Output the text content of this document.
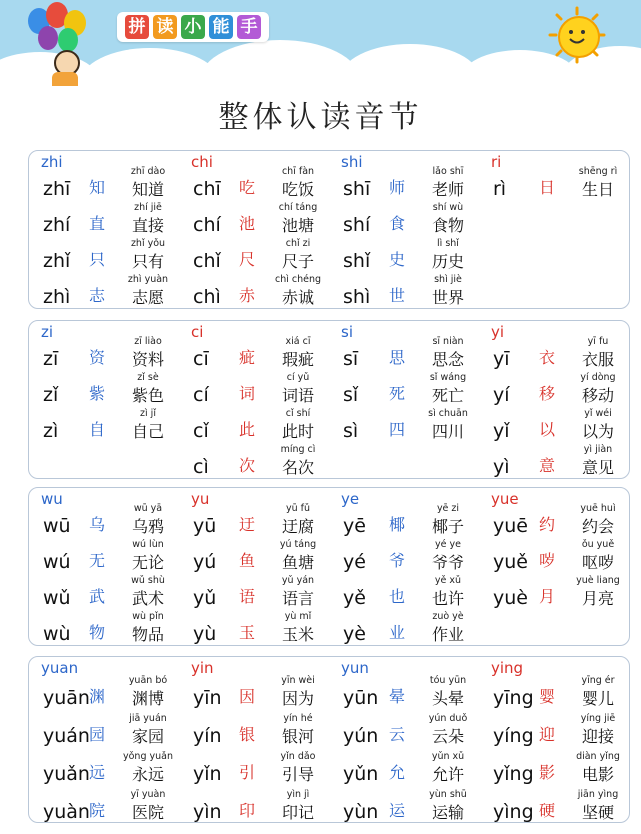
拼 读 小 能 手
整体认读音节
zhi
zhī 知
zhī dào
知道
zhí 直
zhí jiē
直接
zhǐ 只
zhǐ yǒu
只有
zhì 志
zhì yuàn
志愿
chi
chī 吃
chī fàn
吃饭
chí 池
chí táng
池塘
chǐ 尺
chǐ zi
尺子
chì 赤
chì chéng
赤诚
shi
shī 师
lǎo shī
老师
shí 食
shí wù
食物
shǐ 史
lì shǐ
历史
shì 世
shì jiè
世界
ri
rì 日
shēng rì
生日
zi
zī 资
zī liào
资料
zǐ 紫
zǐ sè
紫色
zì 自
zì jǐ
自己
ci
cī 疵
xiá cī
瑕疵
cí 词
cí yǔ
词语
cǐ 此
cǐ shí
此时
cì 次
míng cì
名次
si
sī 思
sī niàn
思念
sǐ 死
sǐ wáng
死亡
sì 四
sì chuān
四川
yi
yī 衣
yī fu
衣服
yí 移
yí dòng
移动
yǐ 以
yǐ wéi
以为
yì 意
yì jiàn
意见
wu
wū 乌
wū yā
乌鸦
wú 无
wú lùn
无论
wǔ 武
wǔ shù
武术
wù 物
wù pǐn
物品
yu
yū 迂
yū fǔ
迂腐
yú 鱼
yú táng
鱼塘
yǔ 语
yǔ yán
语言
yù 玉
yù mǐ
玉米
ye
yē 椰
yē zi
椰子
yé 爷
yé ye
爷爷
yě 也
yě xǔ
也许
yè 业
zuò yè
作业
yue
yuē 约
yuē huì
约会
yuě 哕
ǒu yuě
呕哕
yuè 月
yuè liang
月亮
yuan
yuān 渊
yuān bó
渊博
yuán 园
jiā yuán
家园
yuǎn 远
yǒng yuǎn
永远
yuàn 院
yī yuàn
医院
yin
yīn 因
yīn wèi
因为
yín 银
yín hé
银河
yǐn 引
yǐn dǎo
引导
yìn 印
yìn jì
印记
yun
yūn 晕
tóu yūn
头晕
yún 云
yún duǒ
云朵
yǔn 允
yǔn xǔ
允许
yùn 运
yùn shū
运输
ying
yīng 婴
yīng ér
婴儿
yíng 迎
yíng jiē
迎接
yǐng 影
diàn yǐng
电影
yìng 硬
jiān yìng
坚硬
